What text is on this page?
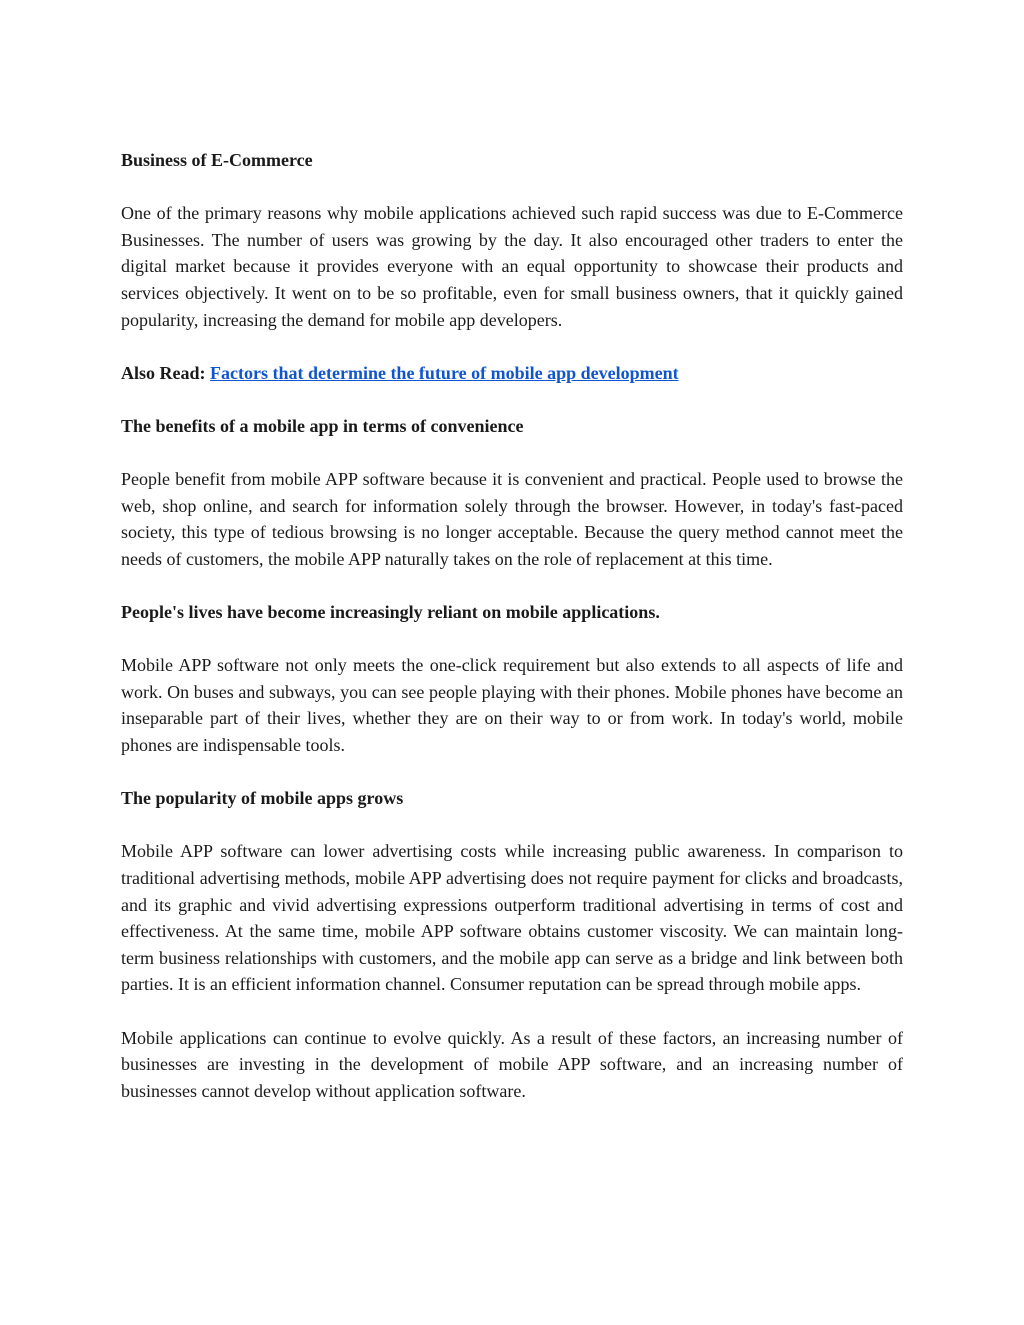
Business of E-Commerce

One of the primary reasons why mobile applications achieved such rapid success was due to E-Commerce Businesses. The number of users was growing by the day. It also encouraged other traders to enter the digital market because it provides everyone with an equal opportunity to showcase their products and services objectively. It went on to be so profitable, even for small business owners, that it quickly gained popularity, increasing the demand for mobile app developers.

Also Read: Factors that determine the future of mobile app development

The benefits of a mobile app in terms of convenience

People benefit from mobile APP software because it is convenient and practical. People used to browse the web, shop online, and search for information solely through the browser. However, in today's fast-paced society, this type of tedious browsing is no longer acceptable. Because the query method cannot meet the needs of customers, the mobile APP naturally takes on the role of replacement at this time.

People's lives have become increasingly reliant on mobile applications.

Mobile APP software not only meets the one-click requirement but also extends to all aspects of life and work. On buses and subways, you can see people playing with their phones. Mobile phones have become an inseparable part of their lives, whether they are on their way to or from work. In today's world, mobile phones are indispensable tools.

The popularity of mobile apps grows

Mobile APP software can lower advertising costs while increasing public awareness. In comparison to traditional advertising methods, mobile APP advertising does not require payment for clicks and broadcasts, and its graphic and vivid advertising expressions outperform traditional advertising in terms of cost and effectiveness. At the same time, mobile APP software obtains customer viscosity. We can maintain long-term business relationships with customers, and the mobile app can serve as a bridge and link between both parties. It is an efficient information channel. Consumer reputation can be spread through mobile apps.

Mobile applications can continue to evolve quickly. As a result of these factors, an increasing number of businesses are investing in the development of mobile APP software, and an increasing number of businesses cannot develop without application software.
